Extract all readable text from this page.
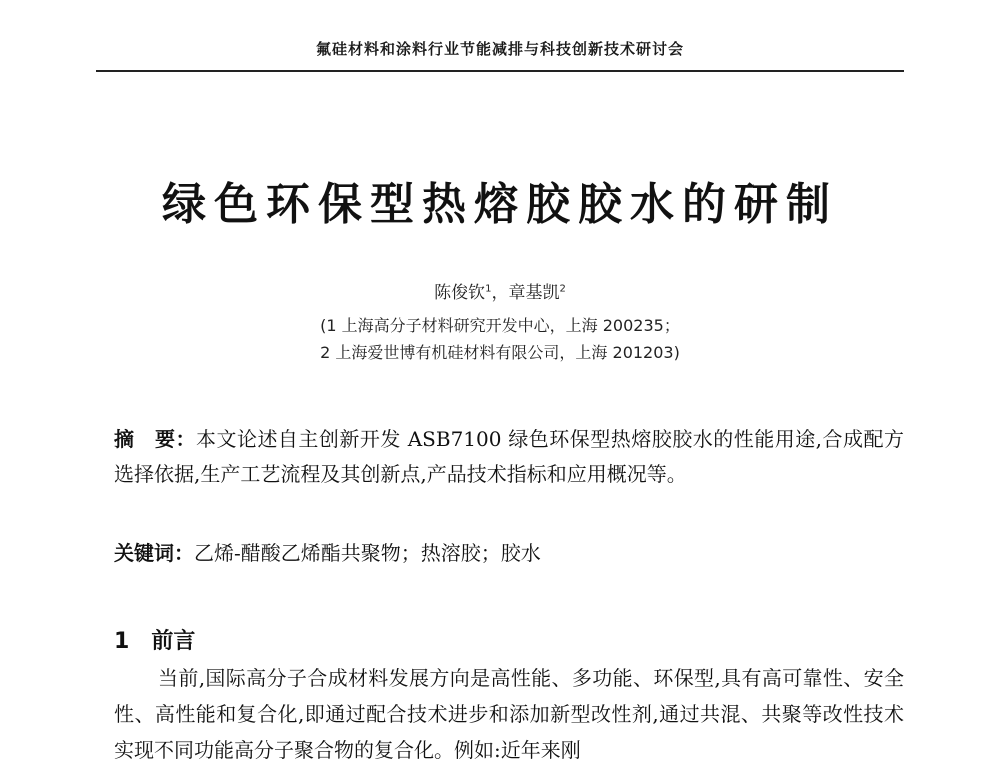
氟硅材料和涂料行业节能减排与科技创新技术研讨会
绿色环保型热熔胶胶水的研制
陈俊钦$^1$，章基凯$^2$
(1 上海高分子材料研究开发中心，上海 200235；
2 上海爱世博有机硅材料有限公司，上海 201203)
摘　要：本文论述自主创新开发 ASB7100 绿色环保型热熔胶胶水的性能用途,合成配方选择依据,生产工艺流程及其创新点,产品技术指标和应用概况等。
关键词：乙烯-醋酸乙烯酯共聚物；热溶胶；胶水
1 前言
当前,国际高分子合成材料发展方向是高性能、多功能、环保型,具有高可靠性、安全性、高性能和复合化,即通过配合技术进步和添加新型改性剂,通过共混、共聚等改性技术实现不同功能高分子聚合物的复合化。例如:近年来刚
